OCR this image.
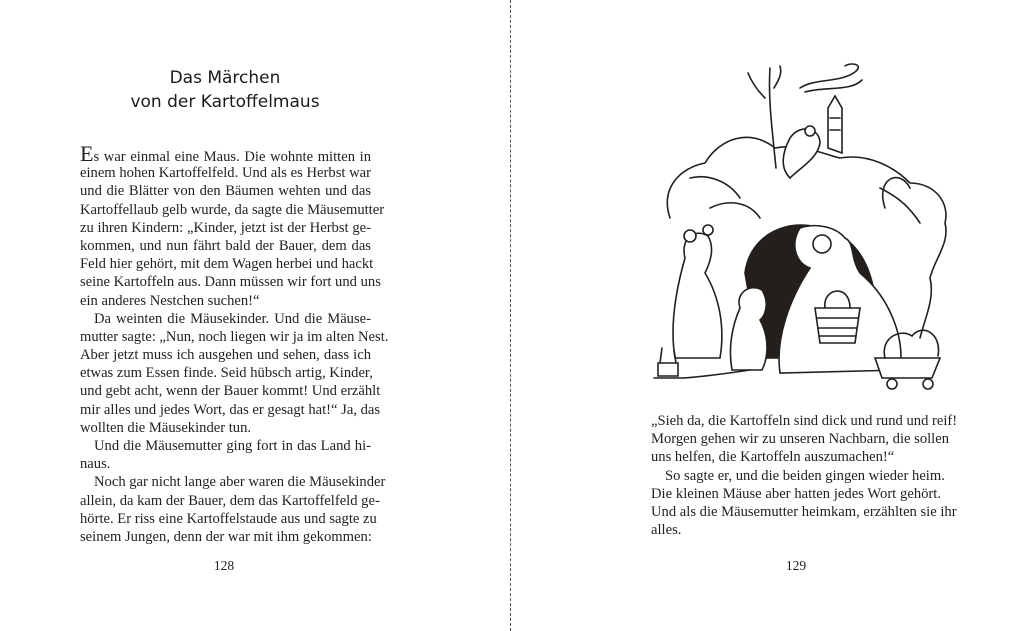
Das Märchen
von der Kartoffelmaus
Es war einmal eine Maus. Die wohnte mitten in
einem hohen Kartoffelfeld. Und als es Herbst war
und die Blätter von den Bäumen wehten und das
Kartoffellaub gelb wurde, da sagte die Mäusemutter
zu ihren Kindern: „Kinder, jetzt ist der Herbst ge-
kommen, und nun fährt bald der Bauer, dem das
Feld hier gehört, mit dem Wagen herbei und hackt
seine Kartoffeln aus. Dann müssen wir fort und uns
ein anderes Nestchen suchen!“
Da weinten die Mäusekinder. Und die Mäuse-
mutter sagte: „Nun, noch liegen wir ja im alten Nest.
Aber jetzt muss ich ausgehen und sehen, dass ich
etwas zum Essen finde. Seid hübsch artig, Kinder,
und gebt acht, wenn der Bauer kommt! Und erzählt
mir alles und jedes Wort, das er gesagt hat!“ Ja, das
wollten die Mäusekinder tun.
Und die Mäusemutter ging fort in das Land hi-
naus.
Noch gar nicht lange aber waren die Mäusekinder
allein, da kam der Bauer, dem das Kartoffelfeld ge-
hörte. Er riss eine Kartoffelstaude aus und sagte zu
seinem Jungen, denn der war mit ihm gekommen:
128
„Sieh da, die Kartoffeln sind dick und rund und reif!
Morgen gehen wir zu unseren Nachbarn, die sollen
uns helfen, die Kartoffeln auszumachen!“
So sagte er, und die beiden gingen wieder heim.
Die kleinen Mäuse aber hatten jedes Wort gehört.
Und als die Mäusemutter heimkam, erzählten sie ihr
alles.
129
